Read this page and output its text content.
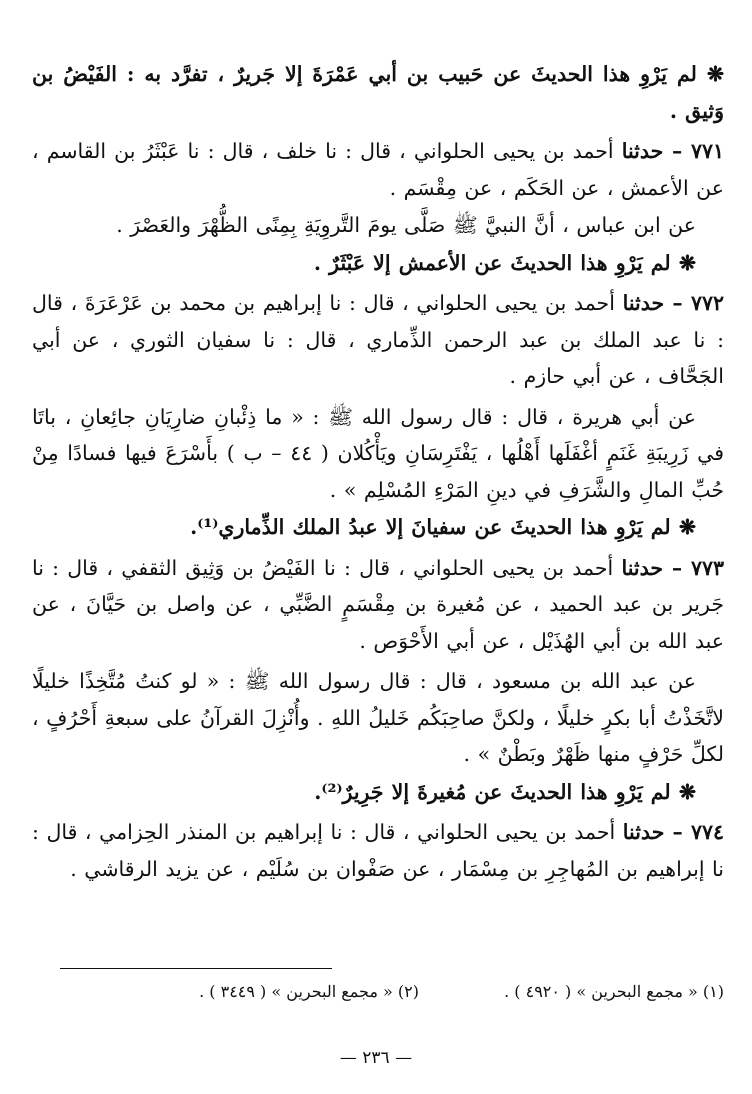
❋ لم يَرْوِ هذا الحديثَ عن حَبيب بن أبي عَمْرَةَ إلا جَريرٌ ، تفرَّد به : الفَيْضُ بن وَثيق .

٧٧١ – حدثنا أحمد بن يحيى الحلواني ، قال : نا خلف ، قال : نا عَبْثَرُ بن القاسم ، عن الأعمش ، عن الحَكَم ، عن مِقْسَم .

عن ابن عباس ، أنَّ النبيَّ ﷺ صَلَّى يومَ التَّروِيَةِ بِمِنًى الظُّهْرَ والعَصْرَ .

❋ لم يَرْوِ هذا الحديثَ عن الأعمش إلا عَبْثَرٌ .

٧٧٢ – حدثنا أحمد بن يحيى الحلواني ، قال : نا إبراهيم بن محمد بن عَرْعَرَةَ ، قال : نا عبد الملك بن عبد الرحمن الذِّماري ، قال : نا سفيان الثوري ، عن أبي الجَحَّاف ، عن أبي حازم .

عن أبي هريرة ، قال : قال رسول الله ﷺ : « ما ذِئْبانِ ضارِيَانِ جائِعانِ ، باتَا في زَرِيبَةِ غَنَمٍ أغْفَلَها أَهْلُها ، يَفْتَرِسَانِ ويَأْكُلان ( ٤٤ – ب ) بأَسْرَعَ فيها فسادًا مِنْ حُبِّ المالِ والشَّرَفِ في دينِ المَرْءِ المُسْلِم » .

❋ لم يَرْوِ هذا الحديثَ عن سفيانَ إلا عبدُ الملك الذِّماري⁽¹⁾.

٧٧٣ – حدثنا أحمد بن يحيى الحلواني ، قال : نا الفَيْضُ بن وَثِيق الثقفي ، قال : نا جَرير بن عبد الحميد ، عن مُغيرة بن مِقْسَمٍ الضَّبِّي ، عن واصل بن حَيَّانَ ، عن عبد الله بن أبي الهُذَيْل ، عن أبي الأَحْوَص .

عن عبد الله بن مسعود ، قال : قال رسول الله ﷺ : « لو كنتُ مُتَّخِذًا خليلًا لاتَّخَذْتُ أبا بكرٍ خليلًا ، ولكنَّ صاحِبَكُم خَليلُ اللهِ . وأُنْزِلَ القرآنُ على سبعةِ أَحْرُفٍ ، لكلِّ حَرْفٍ منها ظَهْرٌ وبَطْنٌ » .

❋ لم يَرْوِ هذا الحديثَ عن مُغيرةَ إلا جَرِيرٌ⁽²⁾.

٧٧٤ – حدثنا أحمد بن يحيى الحلواني ، قال : نا إبراهيم بن المنذر الحِزامي ، قال : نا إبراهيم بن المُهاجِرِ بن مِسْمَار ، عن صَفْوان بن سُلَيْم ، عن يزيد الرقاشي .

(١) « مجمع البحرين » ( ٤٩٢٠ ) . (٢) « مجمع البحرين » ( ٣٤٤٩ ) .
— ٢٣٦ —
